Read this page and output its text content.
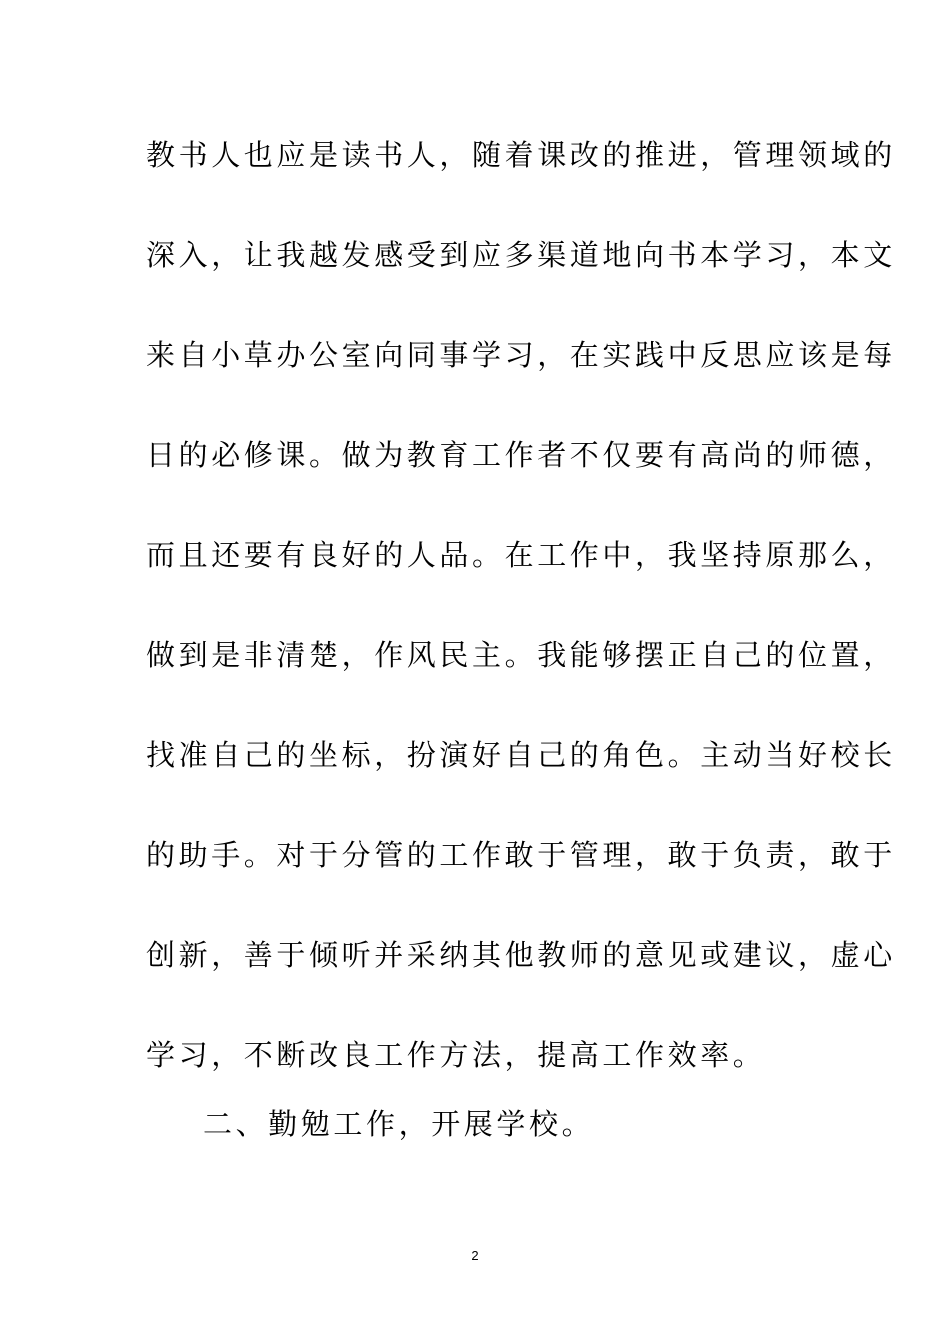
教书人也应是读书人，随着课改的推进，管理领域的
深入，让我越发感受到应多渠道地向书本学习，本文
来自小草办公室向同事学习，在实践中反思应该是每
日的必修课。做为教育工作者不仅要有高尚的师德，
而且还要有良好的人品。在工作中，我坚持原那么，
做到是非清楚，作风民主。我能够摆正自己的位置，
找准自己的坐标，扮演好自己的角色。主动当好校长
的助手。对于分管的工作敢于管理，敢于负责，敢于
创新，善于倾听并采纳其他教师的意见或建议，虚心
学习，不断改良工作方法，提高工作效率。
二、勤勉工作，开展学校。
2
